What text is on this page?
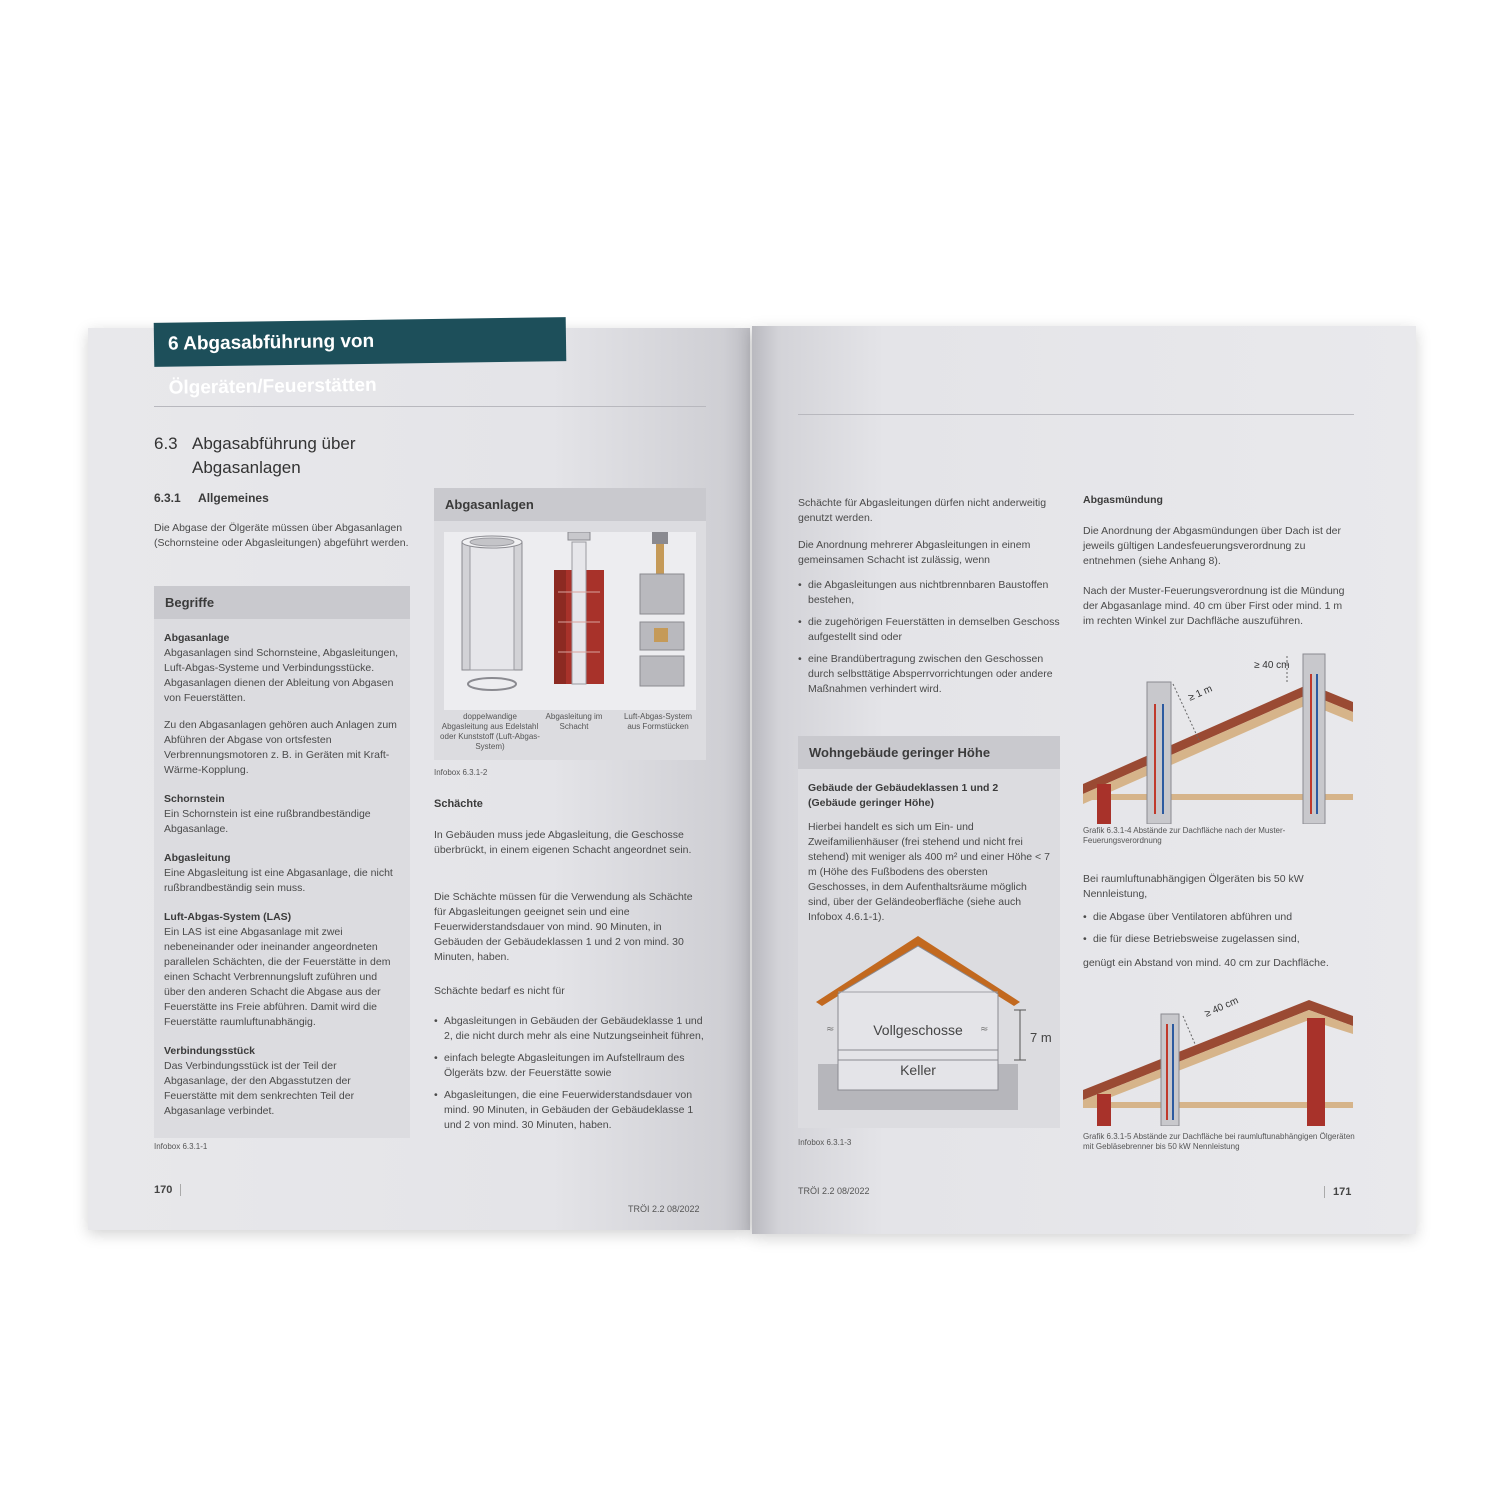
6 Abgasabführung von Ölgeräten/Feuerstätten
6.3 Abgasabführung über
Abgasanlagen
6.3.1 Allgemeines
Die Abgase der Ölgeräte müssen über Abgasanlagen (Schornsteine oder Abgasleitungen) abgeführt werden.
Begriffe
Abgasanlage
Abgasanlagen sind Schornsteine, Abgasleitungen, Luft-Abgas-Systeme und Verbindungsstücke. Abgasanlagen dienen der Ableitung von Abgasen von Feuerstätten.
Zu den Abgasanlagen gehören auch Anlagen zum Abführen der Abgase von ortsfesten Verbrennungsmotoren z. B. in Geräten mit Kraft-Wärme-Kopplung.
Schornstein
Ein Schornstein ist eine rußbrandbeständige Abgasanlage.
Abgasleitung
Eine Abgasleitung ist eine Abgasanlage, die nicht rußbrandbeständig sein muss.
Luft-Abgas-System (LAS)
Ein LAS ist eine Abgasanlage mit zwei nebeneinander oder ineinander angeordneten parallelen Schächten, die der Feuerstätte in dem einen Schacht Verbrennungsluft zuführen und über den anderen Schacht die Abgase aus der Feuerstätte ins Freie abführen. Damit wird die Feuerstätte raumluftunabhängig.
Verbindungsstück
Das Verbindungsstück ist der Teil der Abgasanlage, der den Abgasstutzen der Feuerstätte mit dem senkrechten Teil der Abgasanlage verbindet.
Infobox 6.3.1-1
Abgasanlagen
doppelwandige Abgasleitung aus Edelstahl oder Kunststoff (Luft-Abgas-System)
Abgasleitung im Schacht
Luft-Abgas-System aus Formstücken
Infobox 6.3.1-2
Schächte
In Gebäuden muss jede Abgasleitung, die Geschosse überbrückt, in einem eigenen Schacht angeordnet sein.
Die Schächte müssen für die Verwendung als Schächte für Abgasleitungen geeignet sein und eine Feuerwiderstandsdauer von mind. 90 Minuten, in Gebäuden der Gebäudeklassen 1 und 2 von mind. 30 Minuten, haben.
Schächte bedarf es nicht für
• Abgasleitungen in Gebäuden der Gebäudeklasse 1 und 2, die nicht durch mehr als eine Nutzungseinheit führen,
• einfach belegte Abgasleitungen im Aufstellraum des Ölgeräts bzw. der Feuerstätte sowie
• Abgasleitungen, die eine Feuerwiderstandsdauer von mind. 90 Minuten, in Gebäuden der Gebäudeklasse 1 und 2 von mind. 30 Minuten, haben.
170
TRÖI 2.2 08/2022
Schächte für Abgasleitungen dürfen nicht anderweitig genutzt werden.
Die Anordnung mehrerer Abgasleitungen in einem gemeinsamen Schacht ist zulässig, wenn
• die Abgasleitungen aus nichtbrennbaren Baustoffen bestehen,
• die zugehörigen Feuerstätten in demselben Geschoss aufgestellt sind oder
• eine Brandübertragung zwischen den Geschossen durch selbsttätige Absperrvorrichtungen oder andere Maßnahmen verhindert wird.
Wohngebäude geringer Höhe
Gebäude der Gebäudeklassen 1 und 2
(Gebäude geringer Höhe)
Hierbei handelt es sich um Ein- und Zweifamilienhäuser (frei stehend und nicht frei stehend) mit weniger als 400 m² und einer Höhe < 7 m (Höhe des Fußbodens des obersten Geschosses, in dem Aufenthaltsräume möglich sind, über der Geländeoberfläche (siehe auch Infobox 4.6.1-1).
≈	≈
Vollgeschosse
Keller
7 m
Infobox 6.3.1-3
Abgasmündung
Die Anordnung der Abgasmündungen über Dach ist der jeweils gültigen Landesfeuerungsverordnung zu entnehmen (siehe Anhang 8).
Nach der Muster-Feuerungsverordnung ist die Mündung der Abgasanlage mind. 40 cm über First oder mind. 1 m im rechten Winkel zur Dachfläche auszuführen.
≥ 40 cm
≥ 1 m
Grafik 6.3.1-4 Abstände zur Dachfläche nach der Muster-Feuerungsverordnung
Bei raumluftunabhängigen Ölgeräten bis 50 kW Nennleistung,
• die Abgase über Ventilatoren abführen und
• die für diese Betriebsweise zugelassen sind,
genügt ein Abstand von mind. 40 cm zur Dachfläche.
≥ 40 cm
Grafik 6.3.1-5 Abstände zur Dachfläche bei raumluftunabhängigen Ölgeräten mit Gebläsebrenner bis 50 kW Nennleistung
TRÖI 2.2 08/2022	171
